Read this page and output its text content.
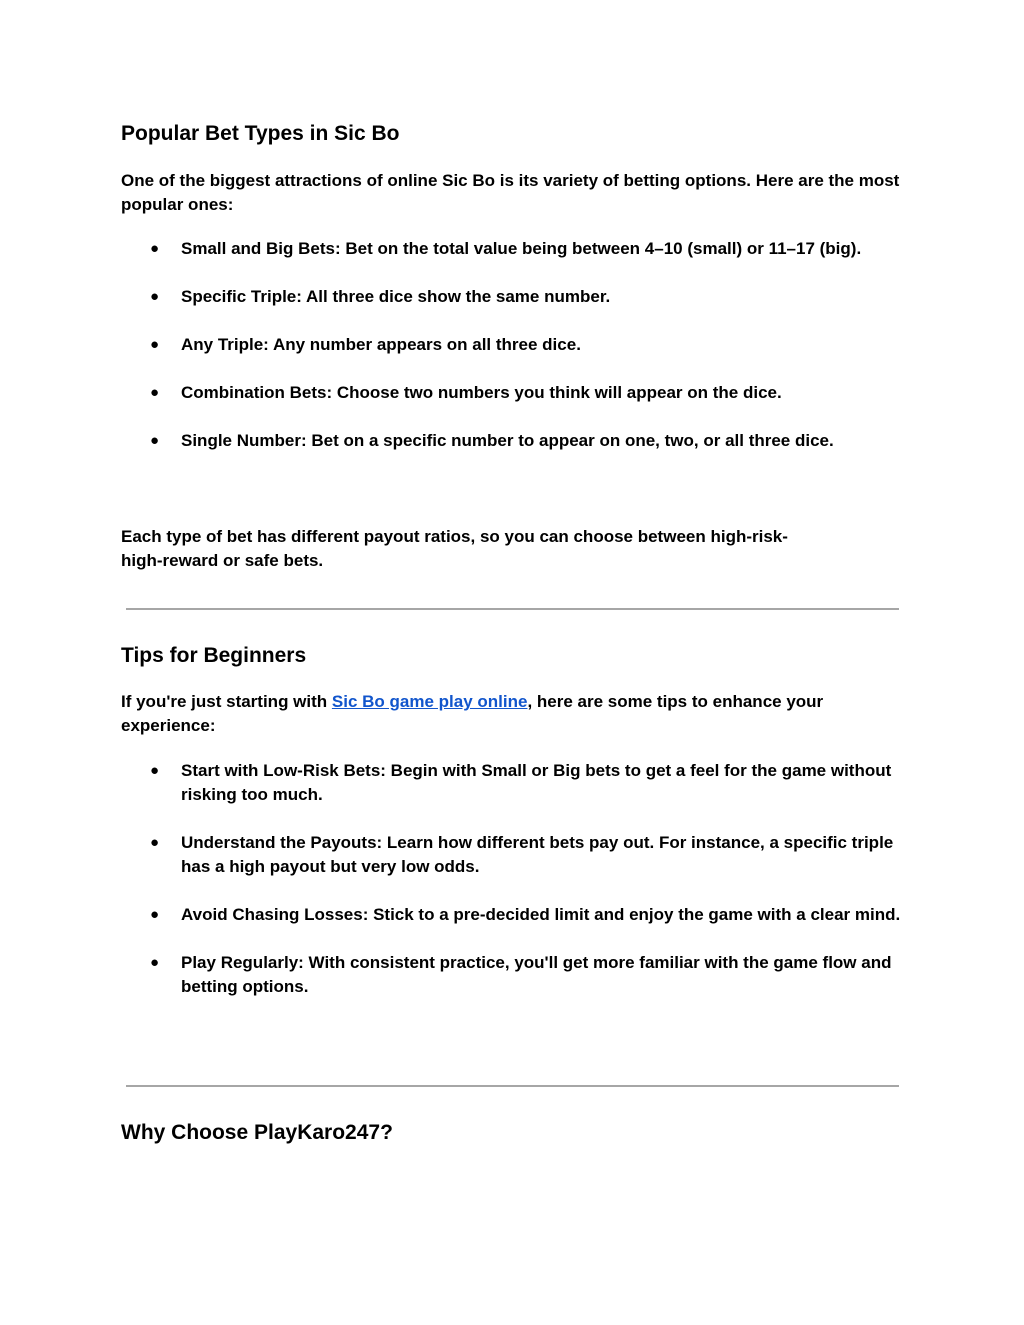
Popular Bet Types in Sic Bo

One of the biggest attractions of online Sic Bo is its variety of betting options. Here are the most popular ones:

● Small and Big Bets: Bet on the total value being between 4–10 (small) or 11–17 (big).
● Specific Triple: All three dice show the same number.
● Any Triple: Any number appears on all three dice.
● Combination Bets: Choose two numbers you think will appear on the dice.
● Single Number: Bet on a specific number to appear on one, two, or all three dice.

Each type of bet has different payout ratios, so you can choose between high-risk-high-reward or safe bets.

Tips for Beginners

If you're just starting with Sic Bo game play online, here are some tips to enhance your experience:

● Start with Low-Risk Bets: Begin with Small or Big bets to get a feel for the game without risking too much.
● Understand the Payouts: Learn how different bets pay out. For instance, a specific triple has a high payout but very low odds.
● Avoid Chasing Losses: Stick to a pre-decided limit and enjoy the game with a clear mind.
● Play Regularly: With consistent practice, you'll get more familiar with the game flow and betting options.
Why Choose PlayKaro247?
